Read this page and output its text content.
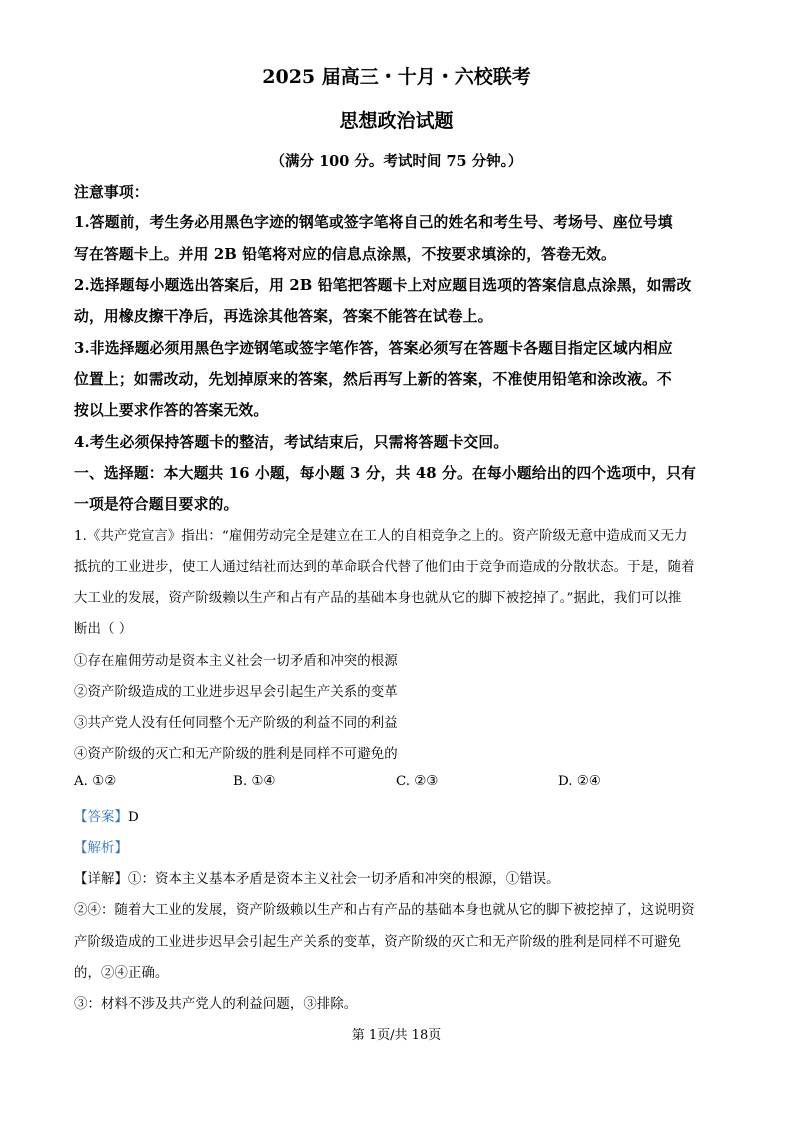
2025 届高三・十月・六校联考
思想政治试题
（满分 100 分。考试时间 75 分钟。）
注意事项：
1.答题前，考生务必用黑色字迹的钢笔或签字笔将自己的姓名和考生号、考场号、座位号填
写在答题卡上。并用 2B 铅笔将对应的信息点涂黑，不按要求填涂的，答卷无效。
2.选择题每小题选出答案后，用 2B 铅笔把答题卡上对应题目选项的答案信息点涂黑，如需改
动，用橡皮擦干净后，再选涂其他答案，答案不能答在试卷上。
3.非选择题必须用黑色字迹钢笔或签字笔作答，答案必须写在答题卡各题目指定区域内相应
位置上；如需改动，先划掉原来的答案，然后再写上新的答案，不准使用铅笔和涂改液。不
按以上要求作答的答案无效。
4.考生必须保持答题卡的整洁，考试结束后，只需将答题卡交回。
一、选择题：本大题共 16 小题，每小题 3 分，共 48 分。在每小题给出的四个选项中，只有
一项是符合题目要求的。
1.《共产党宣言》指出：“雇佣劳动完全是建立在工人的自相竞争之上的。资产阶级无意中造成而又无力
抵抗的工业进步，使工人通过结社而达到的革命联合代替了他们由于竞争而造成的分散状态。于是，随着
大工业的发展，资产阶级赖以生产和占有产品的基础本身也就从它的脚下被挖掉了。”据此，我们可以推
断出（ ）
①存在雇佣劳动是资本主义社会一切矛盾和冲突的根源
②资产阶级造成的工业进步迟早会引起生产关系的变革
③共产党人没有任何同整个无产阶级的利益不同的利益
④资产阶级的灭亡和无产阶级的胜利是同样不可避免的
A. ①②	B. ①④	C. ②③	D. ②④
【答案】D
【解析】
【详解】①：资本主义基本矛盾是资本主义社会一切矛盾和冲突的根源，①错误。
②④：随着大工业的发展，资产阶级赖以生产和占有产品的基础本身也就从它的脚下被挖掉了，这说明资
产阶级造成的工业进步迟早会引起生产关系的变革，资产阶级的灭亡和无产阶级的胜利是同样不可避免
的，②④正确。
③：材料不涉及共产党人的利益问题，③排除。
第 1页/共 18页
